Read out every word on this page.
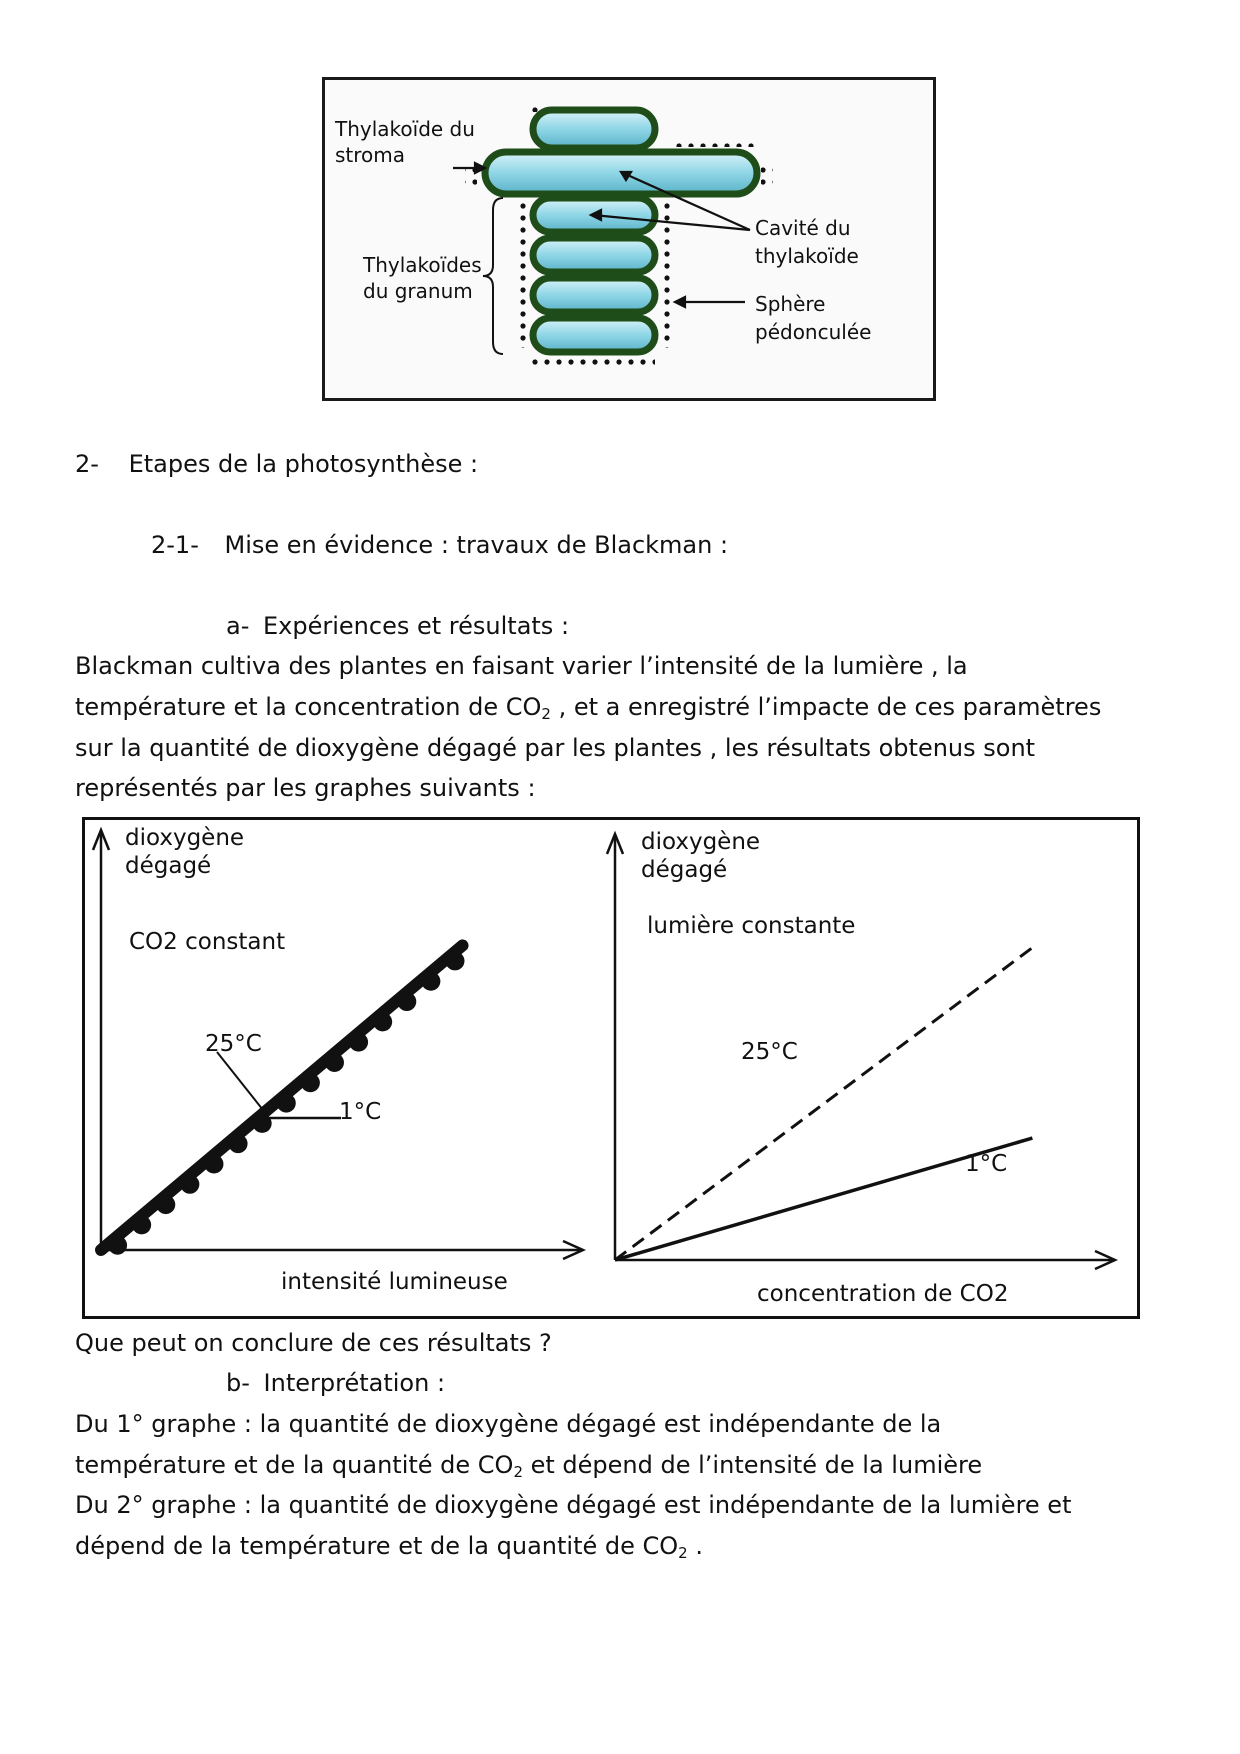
Thylakoïde du
stroma
Thylakoïdes
du granum
Cavité du
thylakoïde
Sphère
pédonculée
2- Etapes de la photosynthèse :
2-1- Mise en évidence : travaux de Blackman :
a- Expériences et résultats :
Blackman cultiva des plantes en faisant varier l’intensité de la lumière , la
température et la concentration de $CO_2$ , et a enregistré l’impacte de ces paramètres
sur la quantité de dioxygène dégagé par les plantes , les résultats obtenus sont
représentés par les graphes suivants :
dioxygène
dégagé
CO2 constant
25°C
1°C
intensité lumineuse
dioxygène
dégagé
lumière constante
25°C
1°C
concentration de CO2
Que peut on conclure de ces résultats ?
b- Interprétation :
Du 1° graphe : la quantité de dioxygène dégagé est indépendante de la
température et de la quantité de $CO_2$ et dépend de l’intensité de la lumière
Du 2° graphe : la quantité de dioxygène dégagé est indépendante de la lumière et
dépend de la température et de la quantité de $CO_2$ .
